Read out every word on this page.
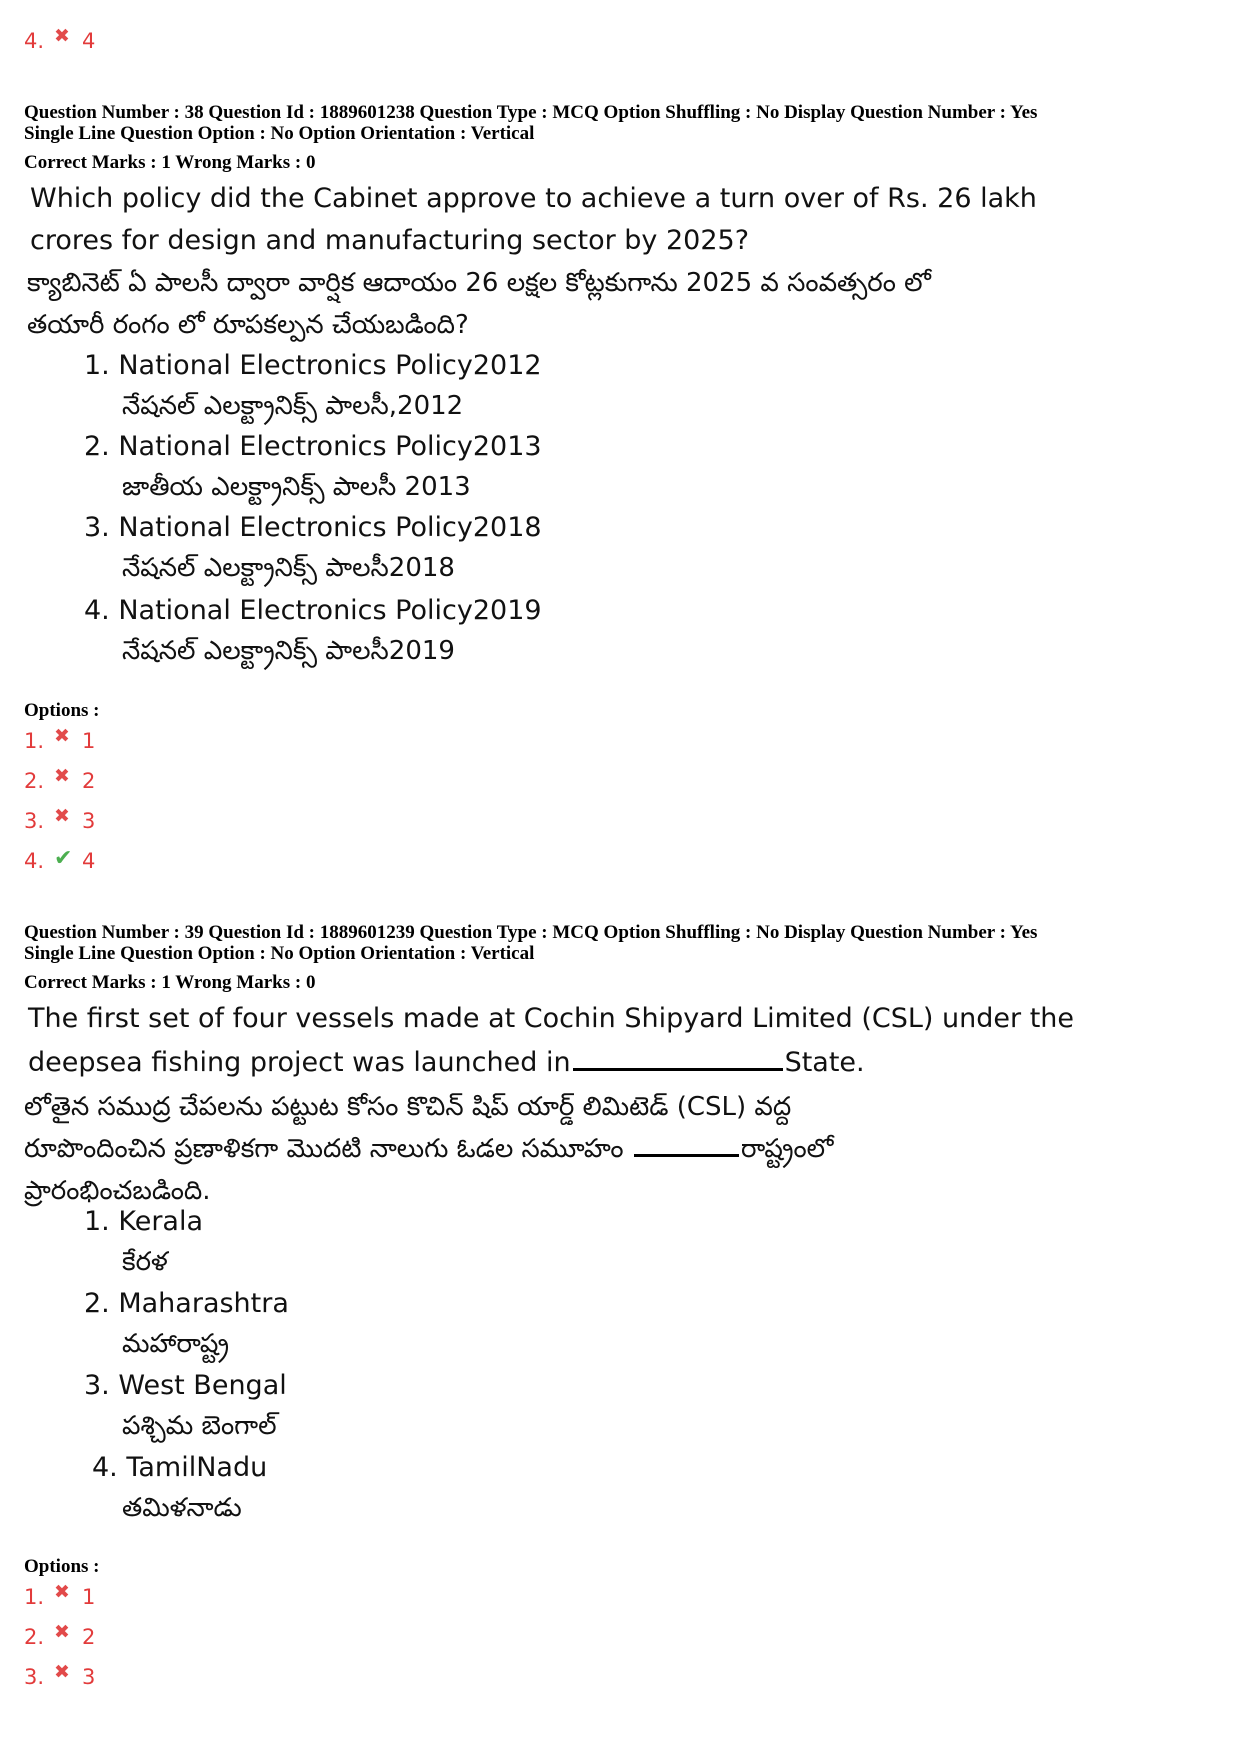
4. ✖ 4
Question Number : 38 Question Id : 1889601238 Question Type : MCQ Option Shuffling : No Display Question Number : Yes
Single Line Question Option : No Option Orientation : Vertical
Correct Marks : 1 Wrong Marks : 0
Which policy did the Cabinet approve to achieve a turn over of Rs. 26 lakh
crores for design and manufacturing sector by 2025?
క్యాబినెట్ ఏ పాలసీ ద్వారా వార్షిక ఆదాయం 26 లక్షల కోట్లకుగాను 2025 వ సంవత్సరం లో
తయారీ రంగం లో రూపకల్పన చేయబడింది?
1. National Electronics Policy2012
నేషనల్ ఎలక్ట్రానిక్స్ పాలసీ,2012
2. National Electronics Policy2013
జాతీయ ఎలక్ట్రానిక్స్ పాలసీ 2013
3. National Electronics Policy2018
నేషనల్ ఎలక్ట్రానిక్స్ పాలసీ2018
4. National Electronics Policy2019
నేషనల్ ఎలక్ట్రానిక్స్ పాలసీ2019
Options :
1. ✖ 1
2. ✖ 2
3. ✖ 3
4. ✔ 4
Question Number : 39 Question Id : 1889601239 Question Type : MCQ Option Shuffling : No Display Question Number : Yes
Single Line Question Option : No Option Orientation : Vertical
Correct Marks : 1 Wrong Marks : 0
The first set of four vessels made at Cochin Shipyard Limited (CSL) under the
deepsea fishing project was launched in	State.
లోతైన సముద్ర చేపలను పట్టుట కోసం కొచిన్ షిప్ యార్డ్ లిమిటెడ్ (CSL) వద్ద
రూపొందించిన ప్రణాళికగా మొదటి నాలుగు ఓడల సమూహం	రాష్ట్రంలో
ప్రారంభించబడింది.
1. Kerala
కేరళ
2. Maharashtra
మహారాష్ట్ర
3. West Bengal
పశ్చిమ బెంగాల్
4. TamilNadu
తమిళనాడు
Options :
1. ✖ 1
2. ✖ 2
3. ✖ 3
